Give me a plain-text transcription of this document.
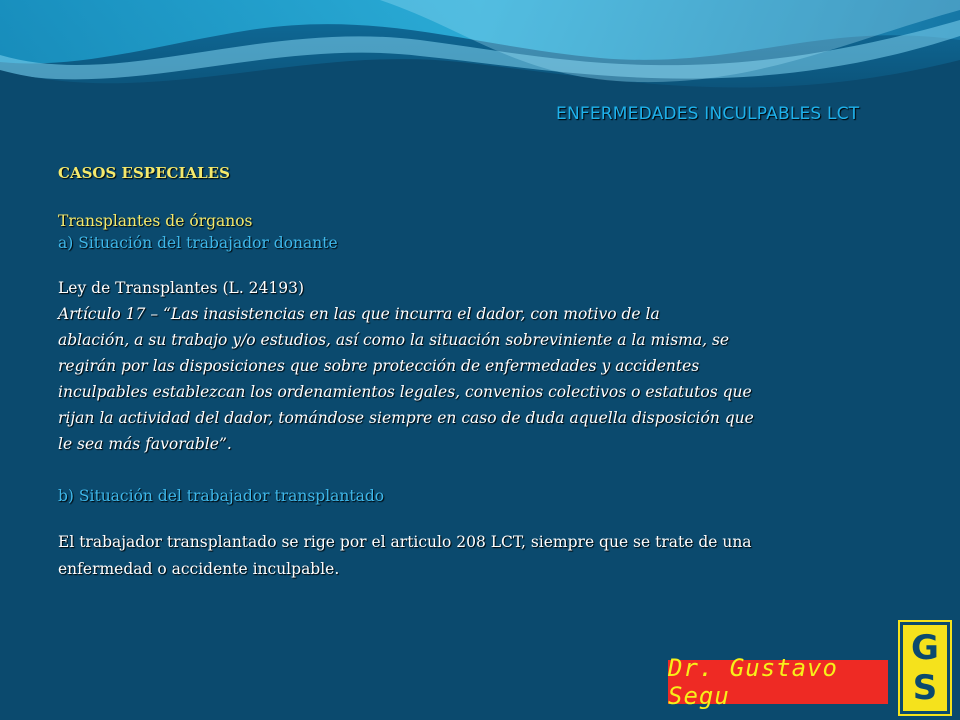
ENFERMEDADES INCULPABLES LCT
CASOS ESPECIALES
Transplantes de órganos
a) Situación del trabajador donante
Ley de Transplantes (L. 24193)
Artículo 17 – “Las inasistencias en las que incurra el dador, con motivo de la
ablación, a su trabajo y/o estudios, así como la situación sobreviniente a la misma, se
regirán por las disposiciones que sobre protección de enfermedades y accidentes
inculpables establezcan los ordenamientos legales, convenios colectivos o estatutos que
rijan la actividad del dador, tomándose siempre en caso de duda aquella disposición que
le sea más favorable”.
b) Situación del trabajador transplantado
El trabajador transplantado se rige por el articulo 208 LCT, siempre que se trate de una
enfermedad o accidente inculpable.
Dr. Gustavo Segu
G
S
